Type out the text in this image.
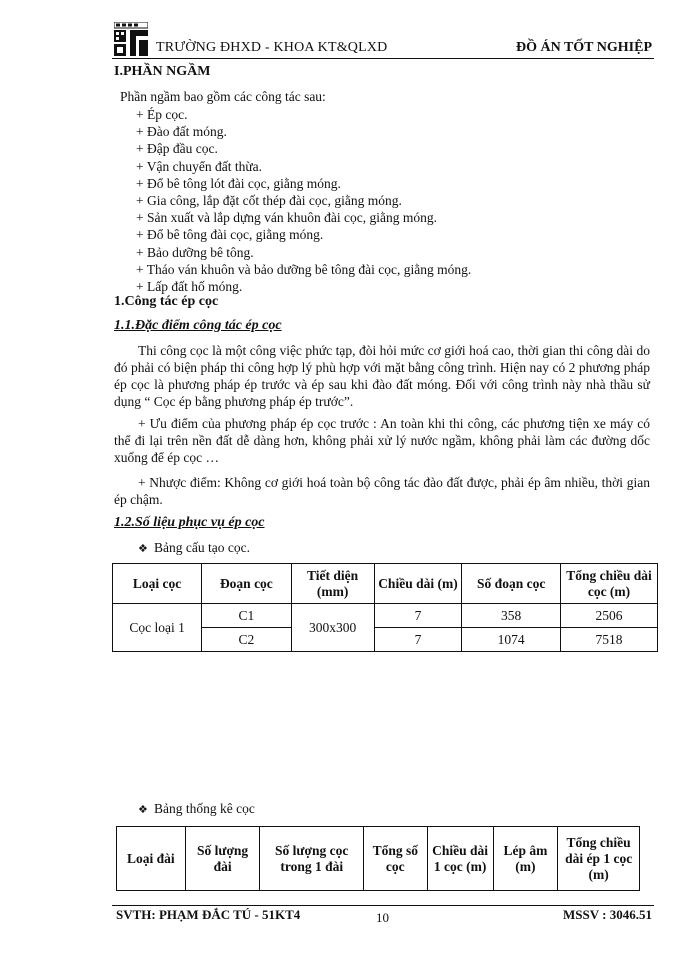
TRƯỜNG ĐHXD - KHOA KT&QLXD	ĐỒ ÁN TỐT NGHIỆP
I.PHẦN NGẦM
Phần ngầm bao gồm các công tác sau:
+ Ép cọc.
+ Đào đất móng.
+ Đập đầu cọc.
+ Vận chuyển đất thừa.
+ Đổ bê tông lót đài cọc, giằng móng.
+ Gia công, lắp đặt cốt thép đài cọc, giằng móng.
+ Sản xuất và lắp dựng ván khuôn đài cọc, giằng móng.
+ Đổ bê tông đài cọc, giằng móng.
+ Bảo dưỡng bê tông.
+ Tháo ván khuôn và bảo dưỡng bê tông đài cọc, giằng móng.
+ Lấp đất hố móng.
1.Công tác ép cọc
1.1.Đặc điểm công tác ép cọc
Thi công cọc là một công việc phức tạp, đòi hỏi mức cơ giới hoá cao, thời gian thi công dài do đó phải có biện pháp thi công hợp lý phù hợp với mặt bằng công trình. Hiện nay có 2 phương pháp ép cọc là phương pháp ép trước và ép sau khi đào đất móng. Đối với công trình này nhà thầu sử dụng “ Cọc ép bằng phương pháp ép trước”.
+ Ưu điểm của phương pháp ép cọc trước : An toàn khi thi công, các phương tiện xe máy có thể đi lại trên nền đất dễ dàng hơn, không phải xử lý nước ngầm, không phải làm các đường dốc xuống để ép cọc …
+ Nhược điểm: Không cơ giới hoá toàn bộ công tác đào đất được, phải ép âm nhiều, thời gian ép chậm.
1.2.Số liệu phục vụ ép cọc
❖ Bảng cấu tạo cọc.
Loại cọc	Đoạn cọc	Tiết diện (mm)	Chiều dài (m)	Số đoạn cọc	Tổng chiều dài cọc (m)
Cọc loại 1	C1	300x300	7	358	2506
	C2		7	1074	7518
❖ Bảng thống kê cọc
Loại đài	Số lượng đài	Số lượng cọc trong 1 đài	Tổng số cọc	Chiều dài 1 cọc (m)	Lép âm (m)	Tổng chiều dài ép 1 cọc (m)
SVTH: PHẠM ĐẮC TÚ - 51KT4	10	MSSV : 3046.51
